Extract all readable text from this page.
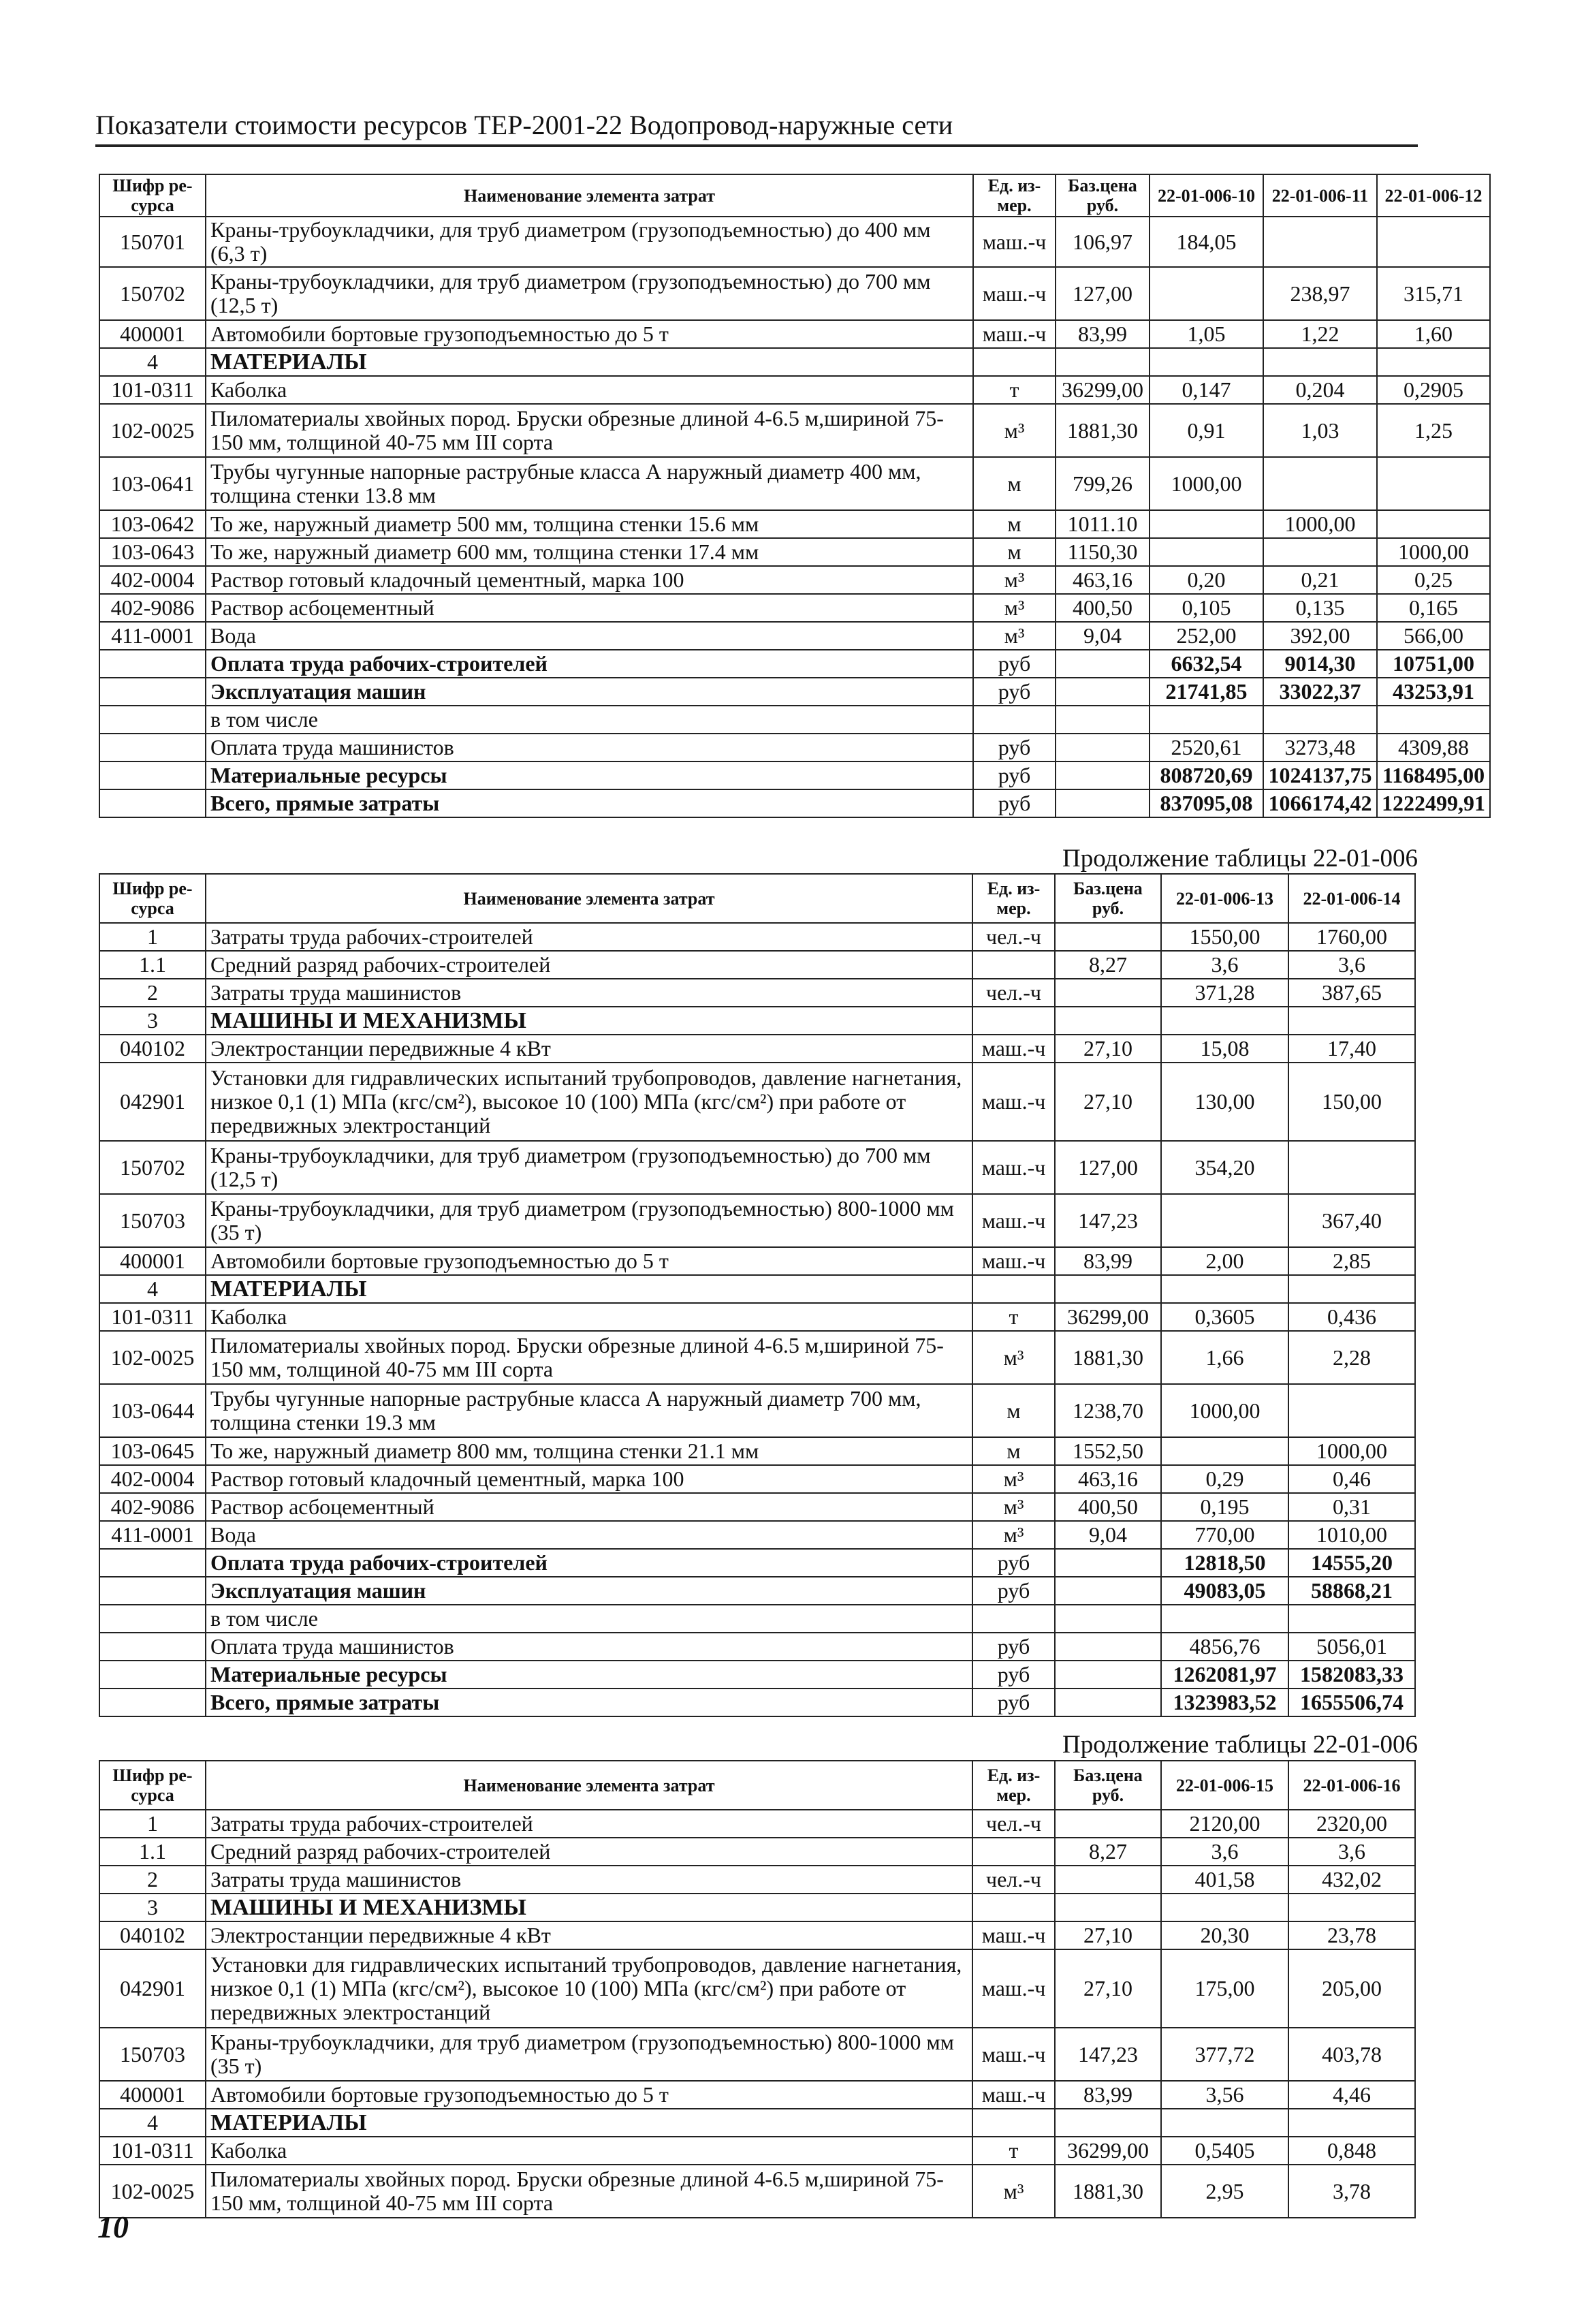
Показатели стоимости ресурсов ТЕР-2001-22 Водопровод-наружные сети
Шифр ре-сурса	Наименование элемента затрат	Ед. из-мер.	Баз.цена руб.	22-01-006-10	22-01-006-11	22-01-006-12
150701	Краны-трубоукладчики, для труб диаметром (грузоподъемностью) до 400 мм (6,3 т)	маш.-ч	106,97	184,05		
150702	Краны-трубоукладчики, для труб диаметром (грузоподъемностью) до 700 мм (12,5 т)	маш.-ч	127,00		238,97	315,71
400001	Автомобили бортовые грузоподъемностью до 5 т	маш.-ч	83,99	1,05	1,22	1,60
4	МАТЕРИАЛЫ					
101-0311	Каболка	т	36299,00	0,147	0,204	0,2905
102-0025	Пиломатериалы хвойных пород. Бруски обрезные длиной 4-6.5 м,шириной 75-150 мм, толщиной 40-75 мм III сорта	м³	1881,30	0,91	1,03	1,25
103-0641	Трубы чугунные напорные раструбные класса А наружный диаметр 400 мм, толщина стенки 13.8 мм	м	799,26	1000,00		
103-0642	То же, наружный диаметр 500 мм, толщина стенки 15.6 мм	м	1011.10		1000,00	
103-0643	То же, наружный диаметр 600 мм, толщина стенки 17.4 мм	м	1150,30			1000,00
402-0004	Раствор готовый кладочный цементный, марка 100	м³	463,16	0,20	0,21	0,25
402-9086	Раствор асбоцементный	м³	400,50	0,105	0,135	0,165
411-0001	Вода	м³	9,04	252,00	392,00	566,00
	Оплата труда рабочих-строителей	руб		6632,54	9014,30	10751,00
	Эксплуатация машин	руб		21741,85	33022,37	43253,91
	в том числе					
	Оплата труда машинистов	руб		2520,61	3273,48	4309,88
	Материальные ресурсы	руб		808720,69	1024137,75	1168495,00
	Всего, прямые затраты	руб		837095,08	1066174,42	1222499,91
Продолжение таблицы 22-01-006
Шифр ре-сурса	Наименование элемента затрат	Ед. из-мер.	Баз.цена руб.	22-01-006-13	22-01-006-14
1	Затраты труда рабочих-строителей	чел.-ч		1550,00	1760,00
1.1	Средний разряд рабочих-строителей		8,27	3,6	3,6
2	Затраты труда машинистов	чел.-ч		371,28	387,65
3	МАШИНЫ И МЕХАНИЗМЫ				
040102	Электростанции передвижные 4 кВт	маш.-ч	27,10	15,08	17,40
042901	Установки для гидравлических испытаний трубопроводов, давление нагнетания, низкое 0,1 (1) МПа (кгс/см²), высокое 10 (100) МПа (кгс/см²) при работе от передвижных электростанций	маш.-ч	27,10	130,00	150,00
150702	Краны-трубоукладчики, для труб диаметром (грузоподъемностью) до 700 мм (12,5 т)	маш.-ч	127,00	354,20	
150703	Краны-трубоукладчики, для труб диаметром (грузоподъемностью) 800-1000 мм (35 т)	маш.-ч	147,23		367,40
400001	Автомобили бортовые грузоподъемностью до 5 т	маш.-ч	83,99	2,00	2,85
4	МАТЕРИАЛЫ				
101-0311	Каболка	т	36299,00	0,3605	0,436
102-0025	Пиломатериалы хвойных пород. Бруски обрезные длиной 4-6.5 м,шириной 75-150 мм, толщиной 40-75 мм III сорта	м³	1881,30	1,66	2,28
103-0644	Трубы чугунные напорные раструбные класса А наружный диаметр 700 мм, толщина стенки 19.3 мм	м	1238,70	1000,00	
103-0645	То же, наружный диаметр 800 мм, толщина стенки 21.1 мм	м	1552,50		1000,00
402-0004	Раствор готовый кладочный цементный, марка 100	м³	463,16	0,29	0,46
402-9086	Раствор асбоцементный	м³	400,50	0,195	0,31
411-0001	Вода	м³	9,04	770,00	1010,00
	Оплата труда рабочих-строителей	руб		12818,50	14555,20
	Эксплуатация машин	руб		49083,05	58868,21
	в том числе				
	Оплата труда машинистов	руб		4856,76	5056,01
	Материальные ресурсы	руб		1262081,97	1582083,33
	Всего, прямые затраты	руб		1323983,52	1655506,74
Продолжение таблицы 22-01-006
Шифр ре-сурса	Наименование элемента затрат	Ед. из-мер.	Баз.цена руб.	22-01-006-15	22-01-006-16
1	Затраты труда рабочих-строителей	чел.-ч		2120,00	2320,00
1.1	Средний разряд рабочих-строителей		8,27	3,6	3,6
2	Затраты труда машинистов	чел.-ч		401,58	432,02
3	МАШИНЫ И МЕХАНИЗМЫ				
040102	Электростанции передвижные 4 кВт	маш.-ч	27,10	20,30	23,78
042901	Установки для гидравлических испытаний трубопроводов, давление нагнетания, низкое 0,1 (1) МПа (кгс/см²), высокое 10 (100) МПа (кгс/см²) при работе от передвижных электростанций	маш.-ч	27,10	175,00	205,00
150703	Краны-трубоукладчики, для труб диаметром (грузоподъемностью) 800-1000 мм (35 т)	маш.-ч	147,23	377,72	403,78
400001	Автомобили бортовые грузоподъемностью до 5 т	маш.-ч	83,99	3,56	4,46
4	МАТЕРИАЛЫ				
101-0311	Каболка	т	36299,00	0,5405	0,848
102-0025	Пиломатериалы хвойных пород. Бруски обрезные длиной 4-6.5 м,шириной 75-150 мм, толщиной 40-75 мм III сорта	м³	1881,30	2,95	3,78
10
